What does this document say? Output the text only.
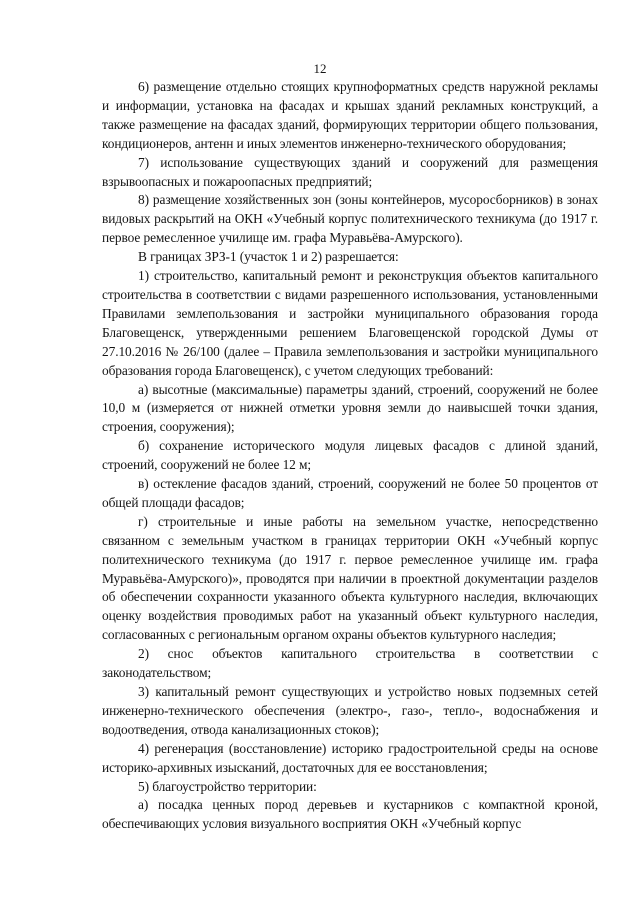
12

6) размещение отдельно стоящих крупноформатных средств наружной рекламы и информации, установка на фасадах и крышах зданий рекламных конструкций, а также размещение на фасадах зданий, формирующих территории общего пользования, кондиционеров, антенн и иных элементов инженерно-технического оборудования;

7) использование существующих зданий и сооружений для размещения взрывоопасных и пожароопасных предприятий;

8) размещение хозяйственных зон (зоны контейнеров, мусоросборников) в зонах видовых раскрытий на ОКН «Учебный корпус политехнического техникума (до 1917 г. первое ремесленное училище им. графа Муравьёва-Амурского).

В границах ЗРЗ-1 (участок 1 и 2) разрешается:

1) строительство, капитальный ремонт и реконструкция объектов капитального строительства в соответствии с видами разрешенного использования, установленными Правилами землепользования и застройки муниципального образования города Благовещенск, утвержденными решением Благовещенской городской Думы от 27.10.2016 № 26/100 (далее – Правила землепользования и застройки муниципального образования города Благовещенск), с учетом следующих требований:

а) высотные (максимальные) параметры зданий, строений, сооружений не более 10,0 м (измеряется от нижней отметки уровня земли до наивысшей точки здания, строения, сооружения);

б) сохранение исторического модуля лицевых фасадов с длиной зданий, строений, сооружений не более 12 м;

в) остекление фасадов зданий, строений, сооружений не более 50 процентов от общей площади фасадов;

г) строительные и иные работы на земельном участке, непосредственно связанном с земельным участком в границах территории ОКН «Учебный корпус политехнического техникума (до 1917 г. первое ремесленное училище им. графа Муравьёва-Амурского)», проводятся при наличии в проектной документации разделов об обеспечении сохранности указанного объекта культурного наследия, включающих оценку воздействия проводимых работ на указанный объект культурного наследия, согласованных с региональным органом охраны объектов культурного наследия;

2) снос объектов капитального строительства в соответствии с законодательством;

3) капитальный ремонт существующих и устройство новых подземных сетей инженерно-технического обеспечения (электро-, газо-, тепло-, водоснабжения и водоотведения, отвода канализационных стоков);

4) регенерация (восстановление) историко градостроительной среды на основе историко-архивных изысканий, достаточных для ее восстановления;

5) благоустройство территории:

а) посадка ценных пород деревьев и кустарников с компактной кроной, обеспечивающих условия визуального восприятия ОКН «Учебный корпус
